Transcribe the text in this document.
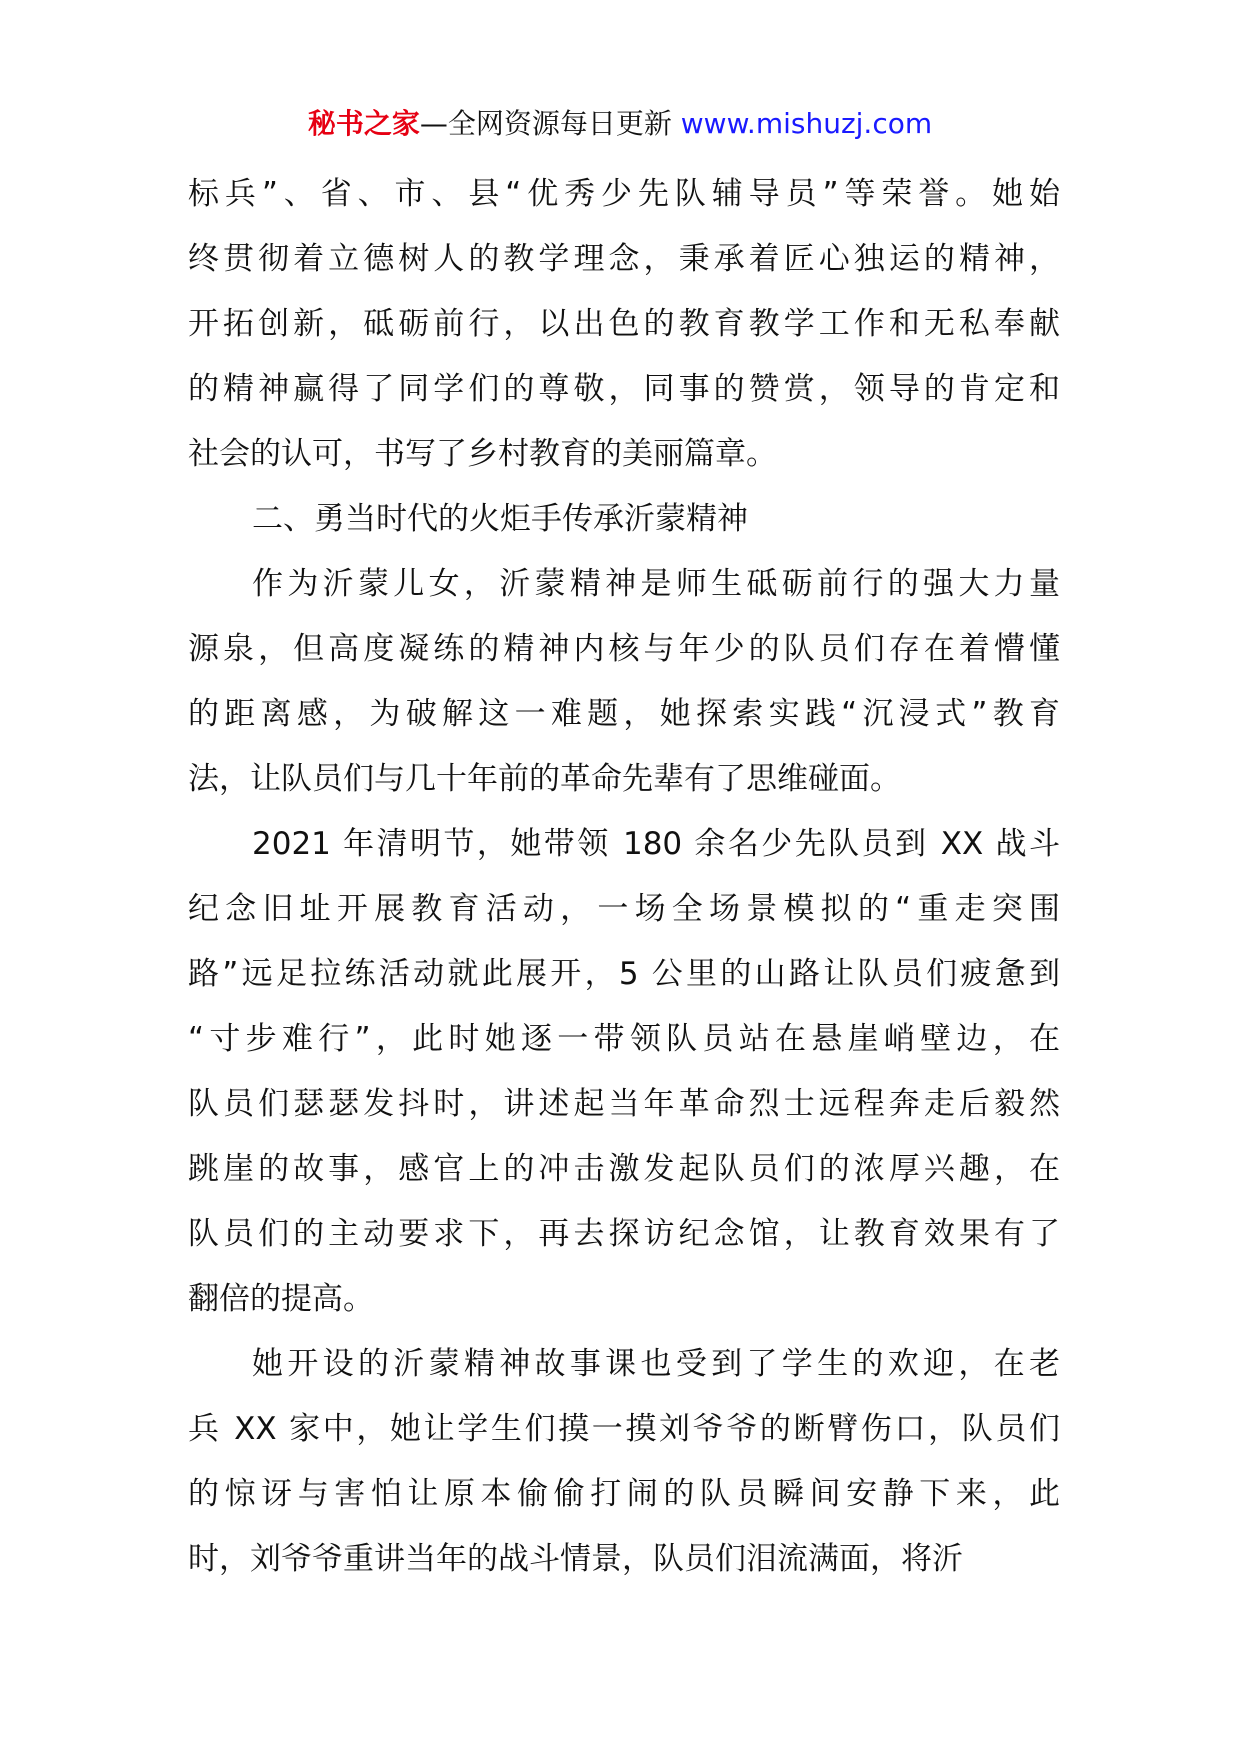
秘书之家—全网资源每日更新 www.mishuzj.com
标兵”、省、市、县“优秀少先队辅导员”等荣誉。她始
终贯彻着立德树人的教学理念，秉承着匠心独运的精神，
开拓创新，砥砺前行，以出色的教育教学工作和无私奉献
的精神赢得了同学们的尊敬，同事的赞赏，领导的肯定和
社会的认可，书写了乡村教育的美丽篇章。
二、勇当时代的火炬手传承沂蒙精神
作为沂蒙儿女，沂蒙精神是师生砥砺前行的强大力量
源泉，但高度凝练的精神内核与年少的队员们存在着懵懂
的距离感，为破解这一难题，她探索实践“沉浸式”教育
法，让队员们与几十年前的革命先辈有了思维碰面。
2021 年清明节，她带领 180 余名少先队员到 XX 战斗
纪念旧址开展教育活动，一场全场景模拟的“重走突围
路”远足拉练活动就此展开，5 公里的山路让队员们疲惫到
“寸步难行”，此时她逐一带领队员站在悬崖峭壁边，在
队员们瑟瑟发抖时，讲述起当年革命烈士远程奔走后毅然
跳崖的故事，感官上的冲击激发起队员们的浓厚兴趣，在
队员们的主动要求下，再去探访纪念馆，让教育效果有了
翻倍的提高。
她开设的沂蒙精神故事课也受到了学生的欢迎，在老
兵 XX 家中，她让学生们摸一摸刘爷爷的断臂伤口，队员们
的惊讶与害怕让原本偷偷打闹的队员瞬间安静下来，此
时，刘爷爷重讲当年的战斗情景，队员们泪流满面，将沂
